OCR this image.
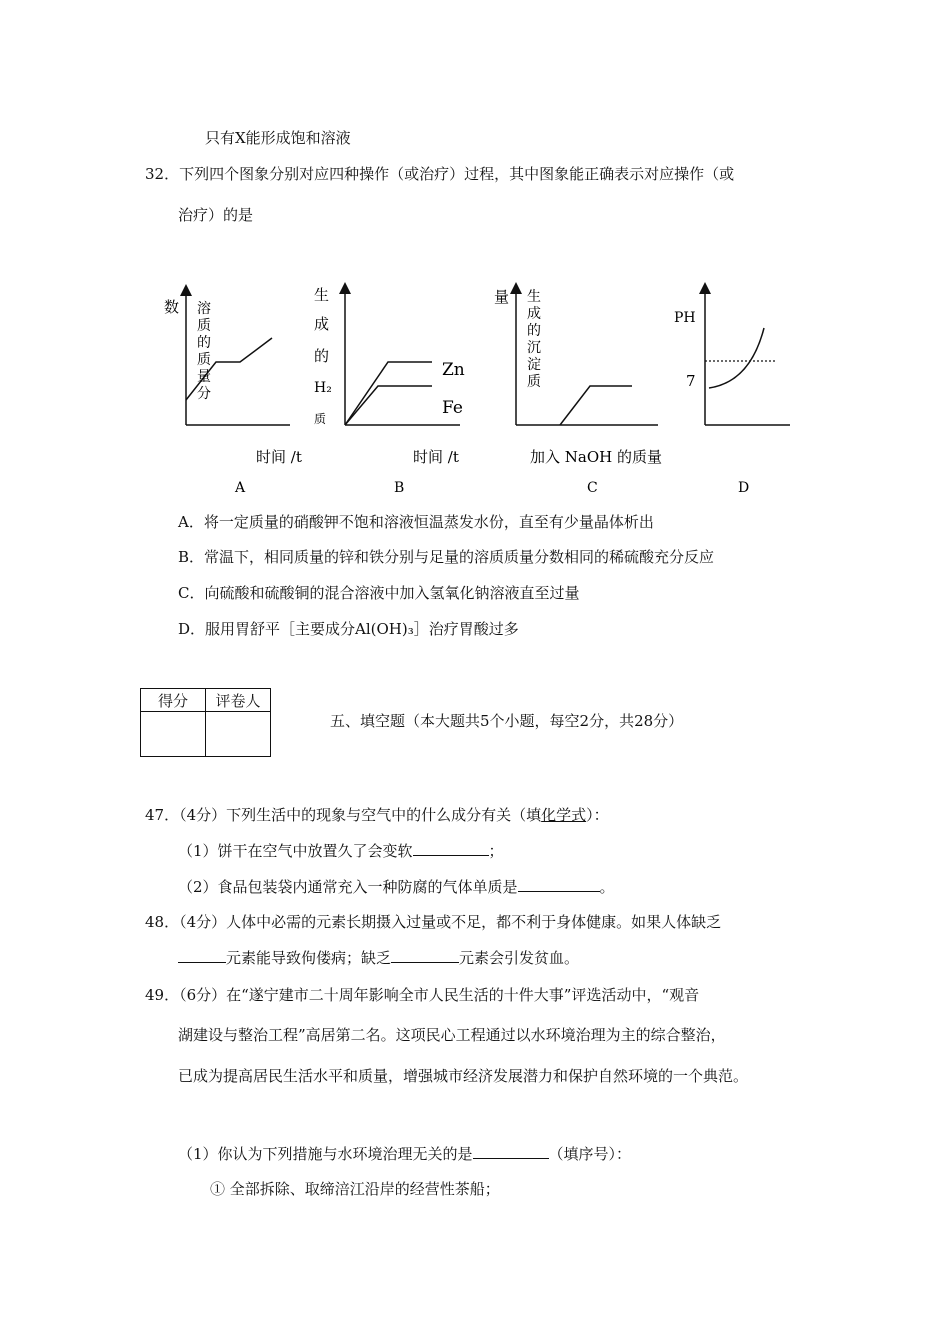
只有X能形成饱和溶液
32．下列四个图象分别对应四种操作（或治疗）过程，其中图象能正确表示对应操作（或
治疗）的是
数 溶
质
的
质
量
分
时间 /t
A
生
成
的
H₂
质
Zn
Fe
时间 /t
B
量 生
成
的
沉
淀
质
加入 NaOH 的质量
C
PH
7
D
A．将一定质量的硝酸钾不饱和溶液恒温蒸发水份，直至有少量晶体析出
B．常温下，相同质量的锌和铁分别与足量的溶质质量分数相同的稀硫酸充分反应
C．向硫酸和硫酸铜的混合溶液中加入氢氧化钠溶液直至过量
D．服用胃舒平［主要成分Al(OH)₃］治疗胃酸过多
得分	评卷人

五、填空题（本大题共5个小题，每空2分，共28分）
47．（4分）下列生活中的现象与空气中的什么成分有关（填化学式）：
（1）饼干在空气中放置久了会变软	；
（2）食品包装袋内通常充入一种防腐的气体单质是	。
48．（4分）人体中必需的元素长期摄入过量或不足，都不利于身体健康。如果人体缺乏
元素能导致佝偻病；缺乏	元素会引发贫血。
49．（6分）在“遂宁建市二十周年影响全市人民生活的十件大事”评选活动中，“观音
湖建设与整治工程”高居第二名。这项民心工程通过以水环境治理为主的综合整治，
已成为提高居民生活水平和质量，增强城市经济发展潜力和保护自然环境的一个典范。
（1）你认为下列措施与水环境治理无关的是	（填序号）：
① 全部拆除、取缔涪江沿岸的经营性茶船；
